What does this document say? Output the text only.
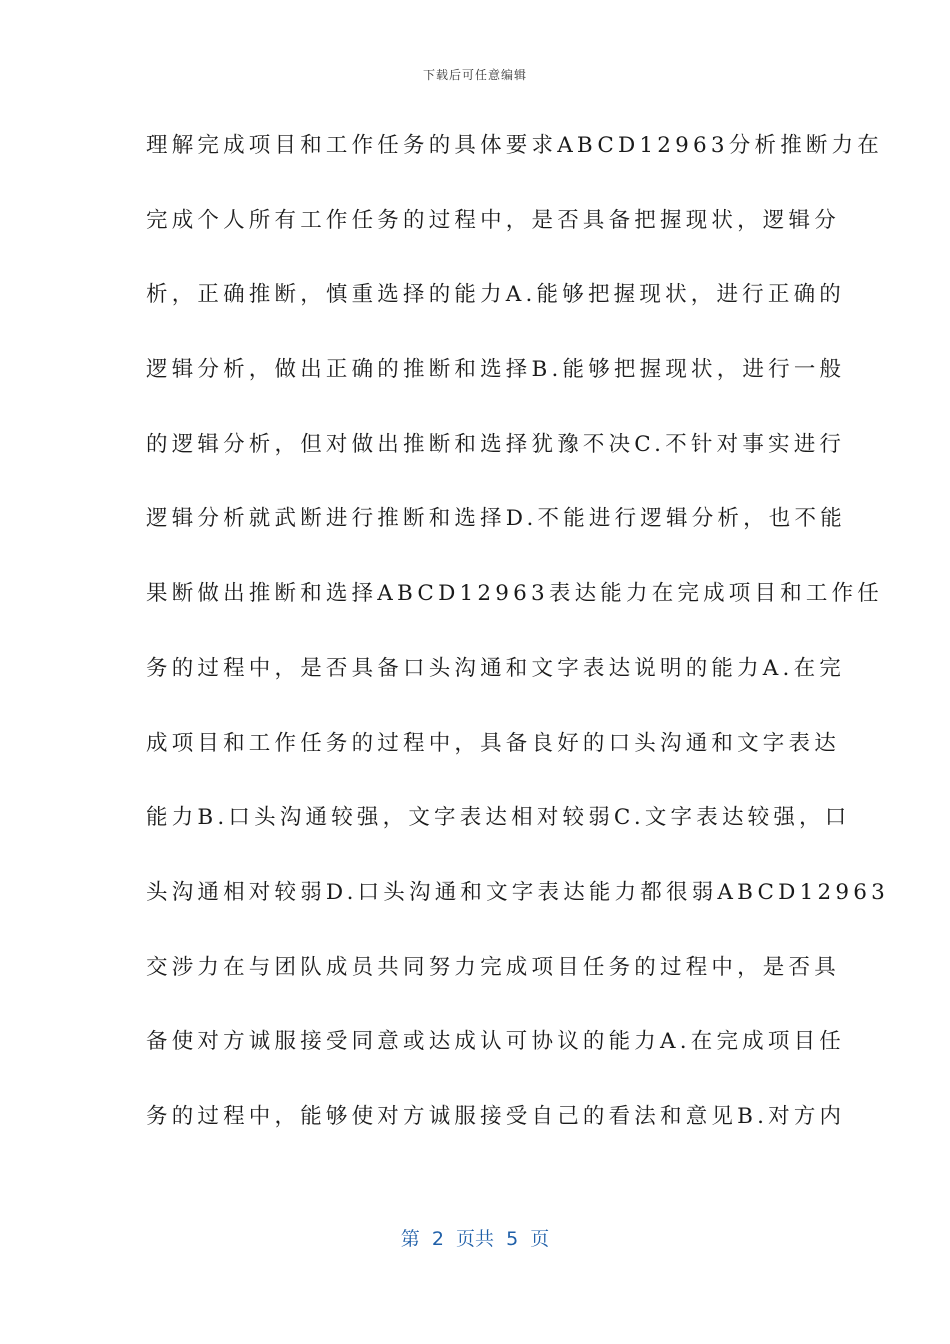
下载后可任意编辑
理解完成项目和工作任务的具体要求ABCD12963分析推断力在
完成个人所有工作任务的过程中，是否具备把握现状，逻辑分
析，正确推断，慎重选择的能力A.能够把握现状，进行正确的
逻辑分析，做出正确的推断和选择B.能够把握现状，进行一般
的逻辑分析，但对做出推断和选择犹豫不决C.不针对事实进行
逻辑分析就武断进行推断和选择D.不能进行逻辑分析，也不能
果断做出推断和选择ABCD12963表达能力在完成项目和工作任
务的过程中，是否具备口头沟通和文字表达说明的能力A.在完
成项目和工作任务的过程中，具备良好的口头沟通和文字表达
能力B.口头沟通较强，文字表达相对较弱C.文字表达较强，口
头沟通相对较弱D.口头沟通和文字表达能力都很弱ABCD12963
交涉力在与团队成员共同努力完成项目任务的过程中，是否具
备使对方诚服接受同意或达成认可协议的能力A.在完成项目任
务的过程中，能够使对方诚服接受自己的看法和意见B.对方内
第  2  页共  5  页
